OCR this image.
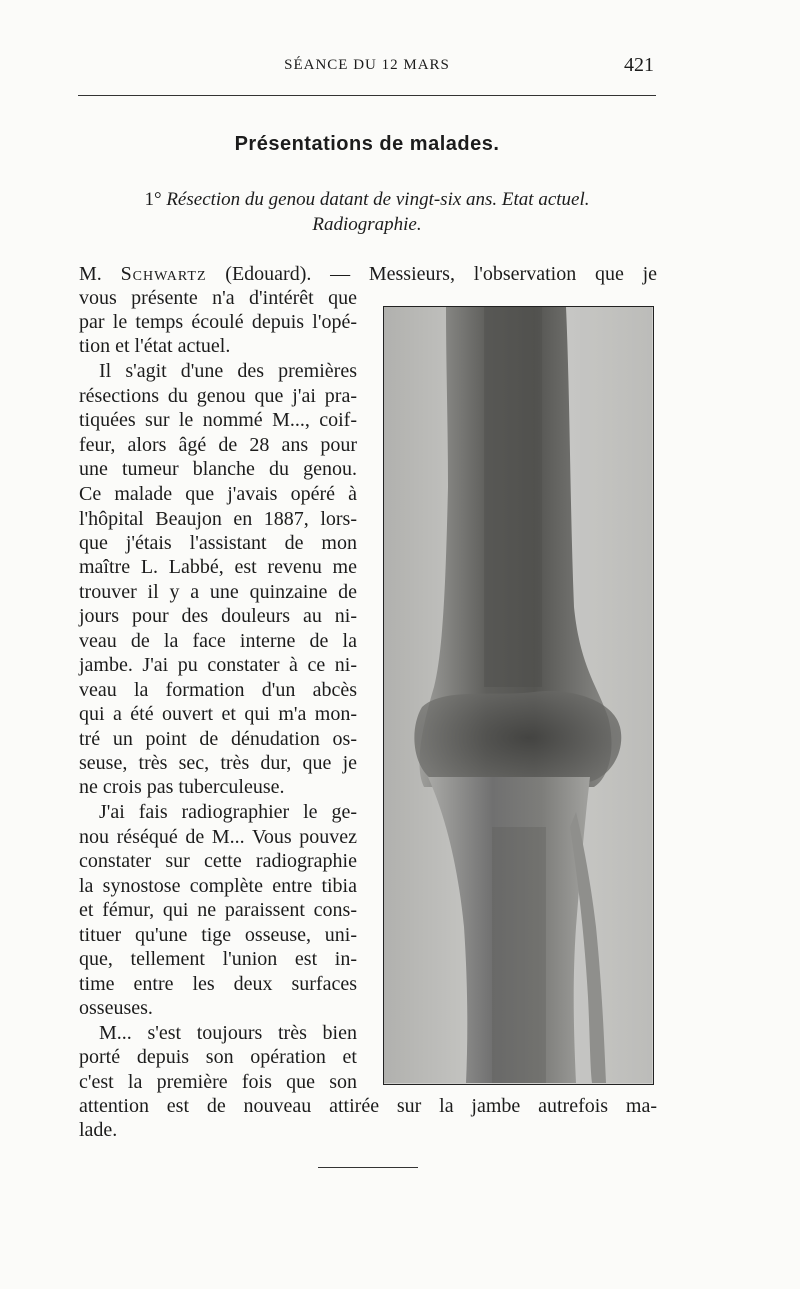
SÉANCE DU 12 MARS	421
Présentations de malades.
1° Résection du genou datant de vingt-six ans. Etat actuel.
Radiographie.
M. Schwartz (Edouard). — Messieurs, l'observation que je
vous présente n'a d'intérêt que
par le temps écoulé depuis l'opé-
tion et l'état actuel.
Il s'agit d'une des premières
résections du genou que j'ai pra-
tiquées sur le nommé M..., coif-
feur, alors âgé de 28 ans pour
une tumeur blanche du genou.
Ce malade que j'avais opéré à
l'hôpital Beaujon en 1887, lors-
que j'étais l'assistant de mon
maître L. Labbé, est revenu me
trouver il y a une quinzaine de
jours pour des douleurs au ni-
veau de la face interne de la
jambe. J'ai pu constater à ce ni-
veau la formation d'un abcès
qui a été ouvert et qui m'a mon-
tré un point de dénudation os-
seuse, très sec, très dur, que je
ne crois pas tuberculeuse.
J'ai fais radiographier le ge-
nou réséqué de M... Vous pouvez
constater sur cette radiographie
la synostose complète entre tibia
et fémur, qui ne paraissent cons-
tituer qu'une tige osseuse, uni-
que, tellement l'union est in-
time entre les deux surfaces
osseuses.
M... s'est toujours très bien
porté depuis son opération et
c'est la première fois que son
attention est de nouveau attirée sur la jambe autrefois ma-
lade.
